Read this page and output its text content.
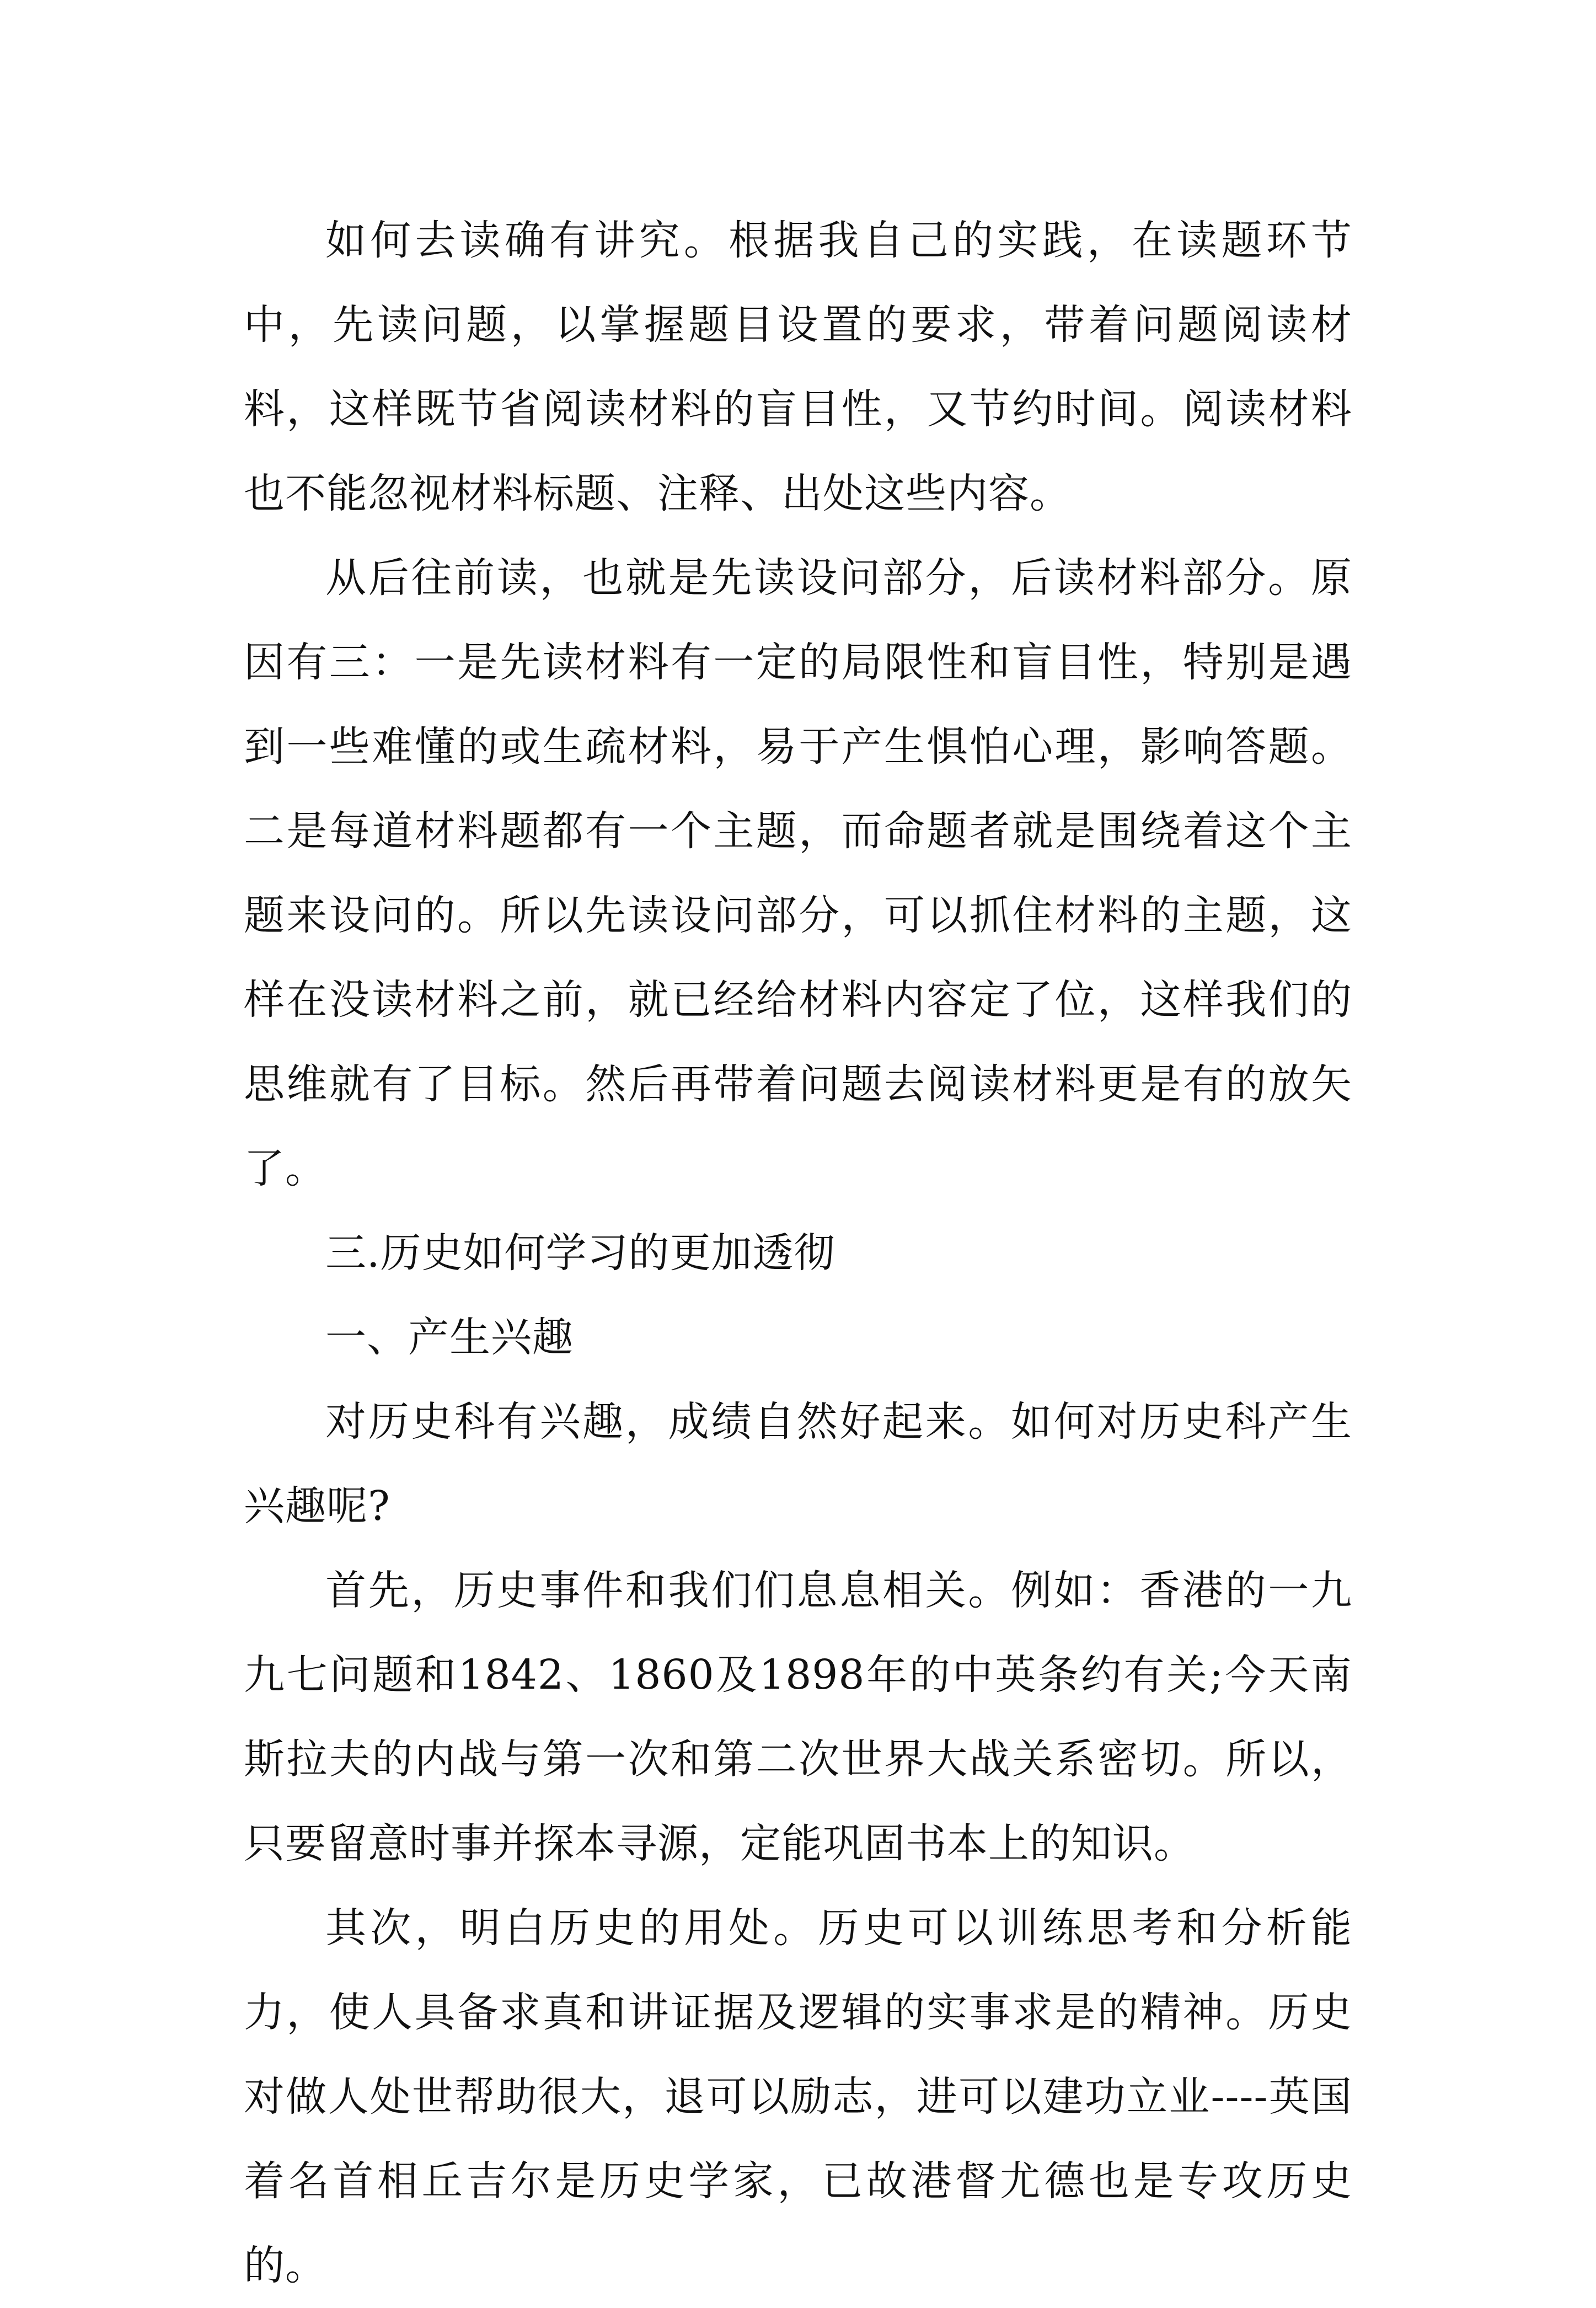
如何去读确有讲究。根据我自己的实践，在读题环节中，先读问题，以掌握题目设置的要求，带着问题阅读材料，这样既节省阅读材料的盲目性，又节约时间。阅读材料也不能忽视材料标题、注释、出处这些内容。

从后往前读，也就是先读设问部分，后读材料部分。原因有三：一是先读材料有一定的局限性和盲目性，特别是遇到一些难懂的或生疏材料，易于产生惧怕心理，影响答题。二是每道材料题都有一个主题，而命题者就是围绕着这个主题来设问的。所以先读设问部分，可以抓住材料的主题，这样在没读材料之前，就已经给材料内容定了位，这样我们的思维就有了目标。然后再带着问题去阅读材料更是有的放矢了。

三.历史如何学习的更加透彻

一、产生兴趣

对历史科有兴趣，成绩自然好起来。如何对历史科产生兴趣呢?

首先，历史事件和我们们息息相关。例如：香港的一九九七问题和1842、1860及1898年的中英条约有关;今天南斯拉夫的内战与第一次和第二次世界大战关系密切。所以，只要留意时事并探本寻源，定能巩固书本上的知识。

其次，明白历史的用处。历史可以训练思考和分析能力，使人具备求真和讲证据及逻辑的实事求是的精神。历史对做人处世帮助很大，退可以励志，进可以建功立业----英国着名首相丘吉尔是历史学家，已故港督尤德也是专攻历史的。
